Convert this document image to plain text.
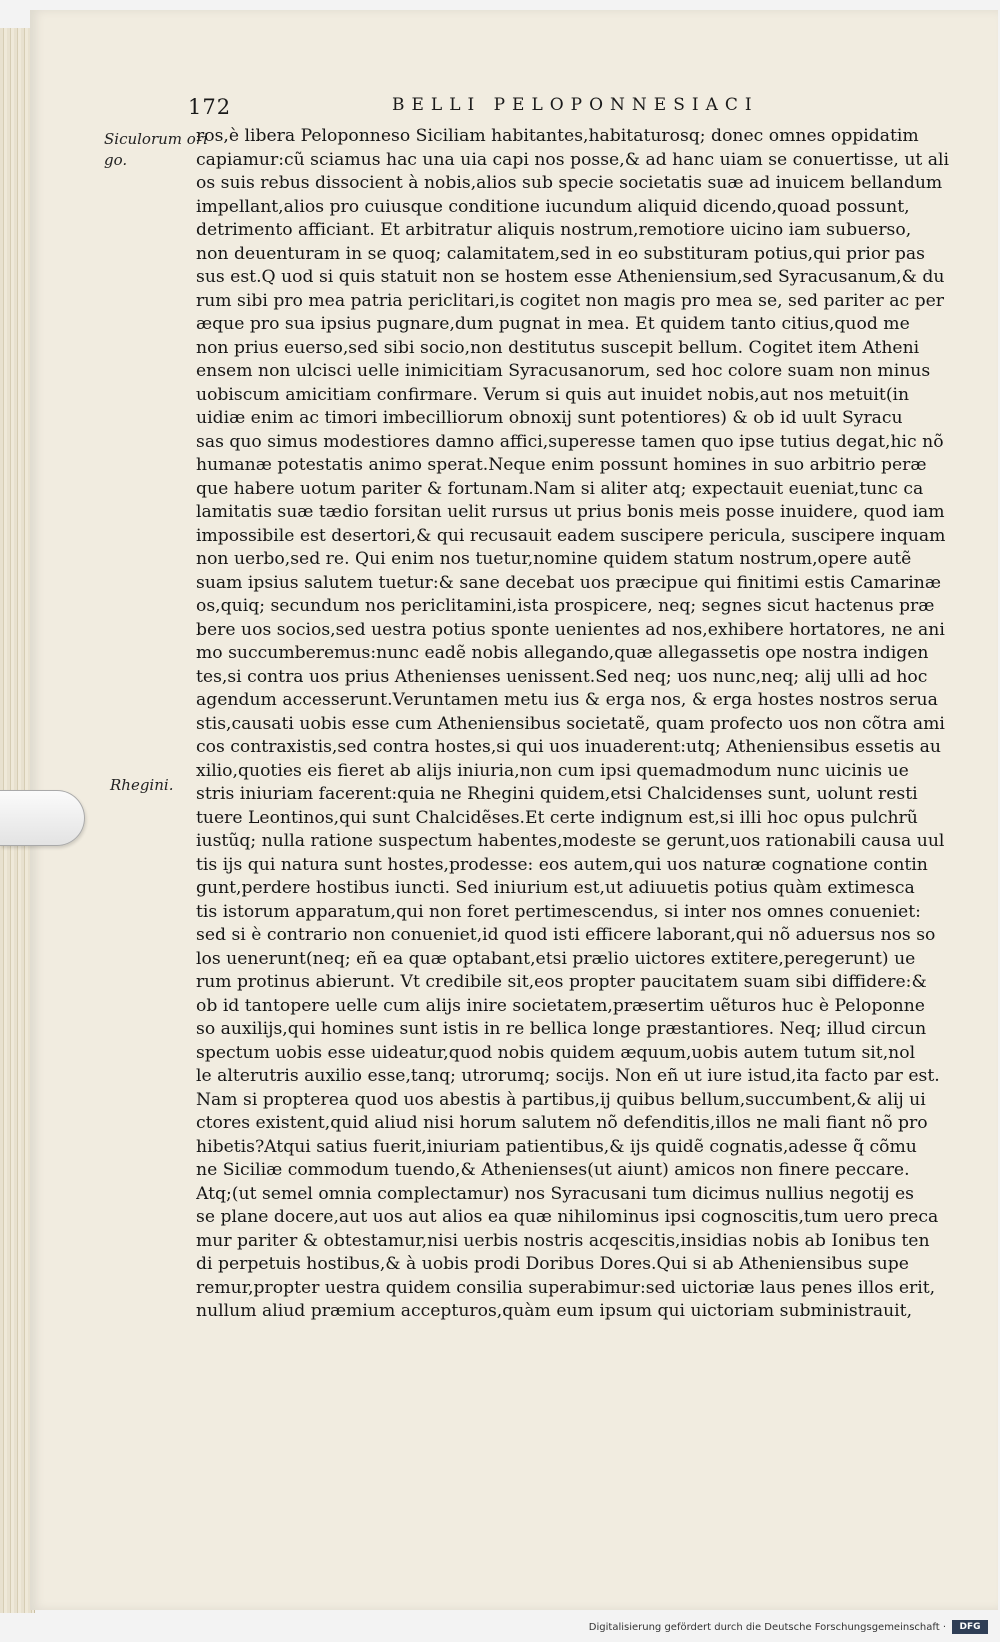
172	BELLI PELOPONNESIACI
Siculorum ori
go.
Rhegini.
ros,è libera Peloponneso Siciliam habitantes,habitaturosq; donec omnes oppidatim
capiamur:cũ sciamus hac una uia capi nos posse,& ad hanc uiam se conuertisse, ut ali
os suis rebus dissocient à nobis,alios sub specie societatis suæ ad inuicem bellandum
impellant,alios pro cuiusque conditione iucundum aliquid dicendo,quoad possunt,
detrimento afficiant. Et arbitratur aliquis nostrum,remotiore uicino iam subuerso,
non deuenturam in se quoq; calamitatem,sed in eo substituram potius,qui prior pas
sus est.Q uod si quis statuit non se hostem esse Atheniensium,sed Syracusanum,& du
rum sibi pro mea patria periclitari,is cogitet non magis pro mea se, sed pariter ac per
æque pro sua ipsius pugnare,dum pugnat in mea. Et quidem tanto citius,quod me
non prius euerso,sed sibi socio,non destitutus suscepit bellum. Cogitet item Atheni
ensem non ulcisci uelle inimicitiam Syracusanorum, sed hoc colore suam non minus
uobiscum amicitiam confirmare. Verum si quis aut inuidet nobis,aut nos metuit(in
uidiæ enim ac timori imbecilliorum obnoxij sunt potentiores) & ob id uult Syracu
sas quo simus modestiores damno affici,superesse tamen quo ipse tutius degat,hic nõ
humanæ potestatis animo sperat.Neque enim possunt homines in suo arbitrio peræ
que habere uotum pariter & fortunam.Nam si aliter atq; expectauit eueniat,tunc ca
lamitatis suæ tædio forsitan uelit rursus ut prius bonis meis posse inuidere, quod iam
impossibile est desertori,& qui recusauit eadem suscipere pericula, suscipere inquam
non uerbo,sed re. Qui enim nos tuetur,nomine quidem statum nostrum,opere autẽ
suam ipsius salutem tuetur:& sane decebat uos præcipue qui finitimi estis Camarinæ
os,quiq; secundum nos periclitamini,ista prospicere, neq; segnes sicut hactenus præ
bere uos socios,sed uestra potius sponte uenientes ad nos,exhibere hortatores, ne ani
mo succumberemus:nunc eadẽ nobis allegando,quæ allegassetis ope nostra indigen
tes,si contra uos prius Athenienses uenissent.Sed neq; uos nunc,neq; alij ulli ad hoc
agendum accesserunt.Veruntamen metu ius & erga nos, & erga hostes nostros serua
stis,causati uobis esse cum Atheniensibus societatẽ, quam profecto uos non cõtra ami
cos contraxistis,sed contra hostes,si qui uos inuaderent:utq; Atheniensibus essetis au
xilio,quoties eis fieret ab alijs iniuria,non cum ipsi quemadmodum nunc uicinis ue
stris iniuriam facerent:quia ne Rhegini quidem,etsi Chalcidenses sunt, uolunt resti
tuere Leontinos,qui sunt Chalcidẽses.Et certe indignum est,si illi hoc opus pulchrũ
iustũq; nulla ratione suspectum habentes,modeste se gerunt,uos rationabili causa uul
tis ijs qui natura sunt hostes,prodesse: eos autem,qui uos naturæ cognatione contin
gunt,perdere hostibus iuncti. Sed iniurium est,ut adiuuetis potius quàm extimesca
tis istorum apparatum,qui non foret pertimescendus, si inter nos omnes conueniet:
sed si è contrario non conueniet,id quod isti efficere laborant,qui nõ aduersus nos so
los uenerunt(neq; eñ ea quæ optabant,etsi prælio uictores extitere,peregerunt) ue
rum protinus abierunt. Vt credibile sit,eos propter paucitatem suam sibi diffidere:&
ob id tantopere uelle cum alijs inire societatem,præsertim uẽturos huc è Peloponne
so auxilijs,qui homines sunt istis in re bellica longe præstantiores. Neq; illud circun
spectum uobis esse uideatur,quod nobis quidem æquum,uobis autem tutum sit,nol
le alterutris auxilio esse,tanq; utrorumq; socijs. Non eñ ut iure istud,ita facto par est.
Nam si propterea quod uos abestis à partibus,ij quibus bellum,succumbent,& alij ui
ctores existent,quid aliud nisi horum salutem nõ defenditis,illos ne mali fiant nõ pro
hibetis?Atqui satius fuerit,iniuriam patientibus,& ijs quidẽ cognatis,adesse q̃ cõmu
ne Siciliæ commodum tuendo,& Athenienses(ut aiunt) amicos non finere peccare.
Atq;(ut semel omnia complectamur) nos Syracusani tum dicimus nullius negotij es
se plane docere,aut uos aut alios ea quæ nihilominus ipsi cognoscitis,tum uero preca
mur pariter & obtestamur,nisi uerbis nostris acqescitis,insidias nobis ab Ionibus ten
di perpetuis hostibus,& à uobis prodi Doribus Dores.Qui si ab Atheniensibus supe
remur,propter uestra quidem consilia superabimur:sed uictoriæ laus penes illos erit,
nullum aliud præmium accepturos,quàm eum ipsum qui uictoriam subministrauit,
Digitalisierung gefördert durch die Deutsche Forschungsgemeinschaft ·	DFG
